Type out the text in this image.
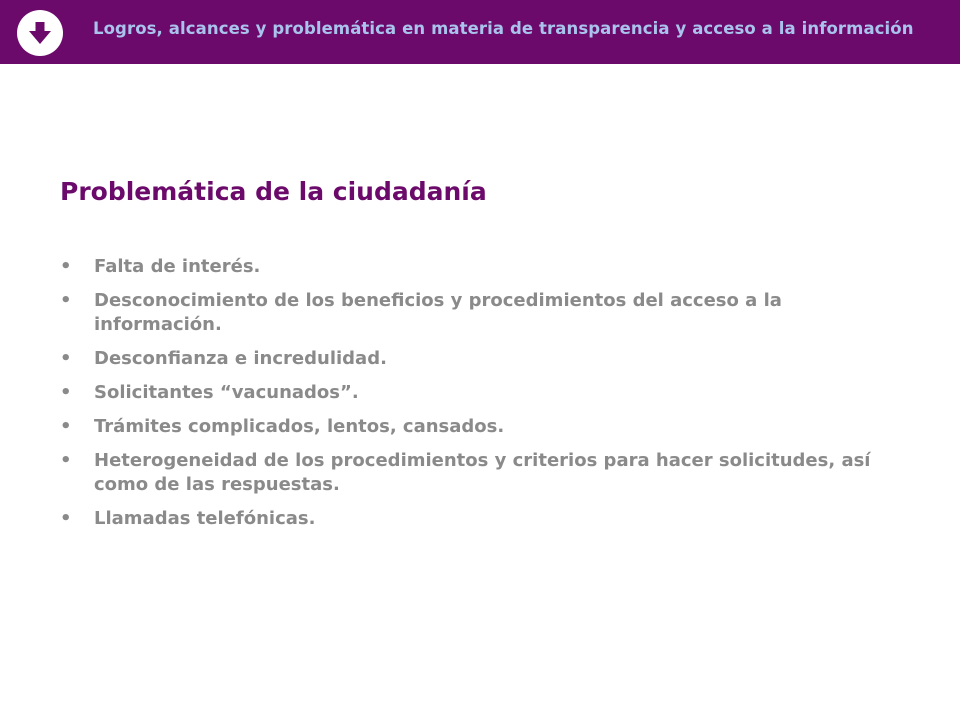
Logros, alcances y problemática en materia de transparencia y acceso a la información
Problemática de la ciudadanía
• Falta de interés.
• Desconocimiento de los beneficios y procedimientos del acceso a la información.
• Desconfianza e incredulidad.
• Solicitantes “vacunados”.
• Trámites complicados, lentos, cansados.
• Heterogeneidad de los procedimientos y criterios para hacer solicitudes, así como de las respuestas.
• Llamadas telefónicas.
